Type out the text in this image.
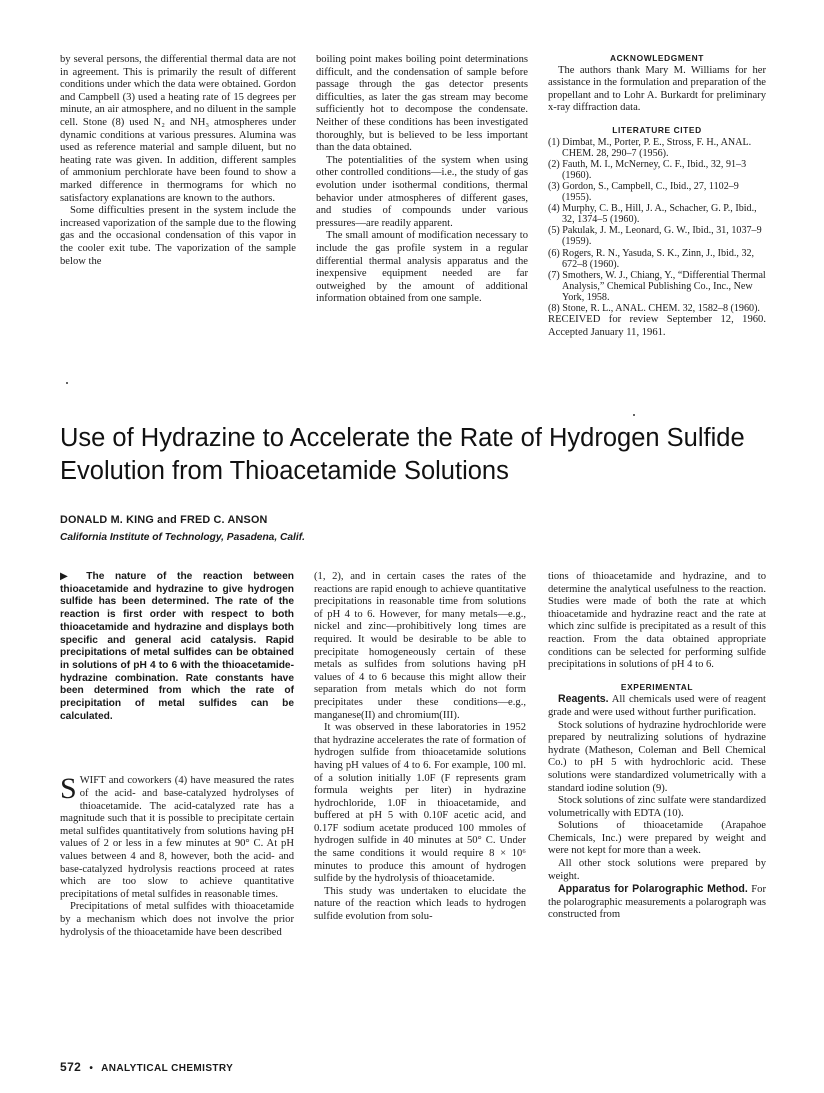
by several persons, the differential thermal data are not in agreement. This is primarily the result of different conditions under which the data were obtained. Gordon and Campbell (3) used a heating rate of 15 degrees per minute, an air atmosphere, and no diluent in the sample cell. Stone (8) used N₂ and NH₃ atmospheres under dynamic conditions at various pressures. Alumina was used as reference material and sample diluent, but no heating rate was given. In addition, different samples of ammonium perchlorate have been found to show a marked difference in thermograms for which no satisfactory explanations are known to the authors.

Some difficulties present in the system include the increased vaporization of the sample due to the flowing gas and the occasional condensation of this vapor in the cooler exit tube. The vaporization of the sample below the

boiling point makes boiling point determinations difficult, and the condensation of sample before passage through the gas detector presents difficulties, as later the gas stream may become sufficiently hot to decompose the condensate. Neither of these conditions has been investigated thoroughly, but is believed to be less important than the data obtained.

The potentialities of the system when using other controlled conditions—i.e., the study of gas evolution under isothermal conditions, thermal behavior under atmospheres of different gases, and studies of compounds under various pressures—are readily apparent.

The small amount of modification necessary to include the gas profile system in a regular differential thermal analysis apparatus and the inexpensive equipment needed are far outweighed by the amount of additional information obtained from one sample.

ACKNOWLEDGMENT

The authors thank Mary M. Williams for her assistance in the formulation and preparation of the propellant and to Lohr A. Burkardt for preliminary x-ray diffraction data.

LITERATURE CITED

(1) Dimbat, M., Porter, P. E., Stross, F. H., ANAL. CHEM. 28, 290–7 (1956).

(2) Fauth, M. I., McNerney, C. F., Ibid., 32, 91–3 (1960).

(3) Gordon, S., Campbell, C., Ibid., 27, 1102–9 (1955).

(4) Murphy, C. B., Hill, J. A., Schacher, G. P., Ibid., 32, 1374–5 (1960).

(5) Pakulak, J. M., Leonard, G. W., Ibid., 31, 1037–9 (1959).

(6) Rogers, R. N., Yasuda, S. K., Zinn, J., Ibid., 32, 672–8 (1960).

(7) Smothers, W. J., Chiang, Y., “Differential Thermal Analysis,” Chemical Publishing Co., Inc., New York, 1958.

(8) Stone, R. L., ANAL. CHEM. 32, 1582–8 (1960).

RECEIVED for review September 12, 1960. Accepted January 11, 1961.

Use of Hydrazine to Accelerate the Rate of Hydrogen Sulfide Evolution from Thioacetamide Solutions

DONALD M. KING and FRED C. ANSON

California Institute of Technology, Pasadena, Calif.

▶ The nature of the reaction between thioacetamide and hydrazine to give hydrogen sulfide has been determined. The rate of the reaction is first order with respect to both thioacetamide and hydrazine and displays both specific and general acid catalysis. Rapid precipitations of metal sulfides can be obtained in solutions of pH 4 to 6 with the thioacetamide-hydrazine combination. Rate constants have been determined from which the rate of precipitation of metal sulfides can be calculated.

SWIFT and coworkers (4) have measured the rates of the acid- and base-catalyzed hydrolyses of thioacetamide. The acid-catalyzed rate has a magnitude such that it is possible to precipitate certain metal sulfides quantitatively from solutions having pH values of 2 or less in a few minutes at 90° C. At pH values between 4 and 8, however, both the acid- and base-catalyzed hydrolysis reactions proceed at rates which are too slow to achieve quantitative precipitations of metal sulfides in reasonable times.

Precipitations of metal sulfides with thioacetamide by a mechanism which does not involve the prior hydrolysis of the thioacetamide have been described

(1, 2), and in certain cases the rates of the reactions are rapid enough to achieve quantitative precipitations in reasonable time from solutions of pH 4 to 6. However, for many metals—e.g., nickel and zinc—prohibitively long times are required. It would be desirable to be able to precipitate homogeneously certain of these metals as sulfides from solutions having pH values of 4 to 6 because this might allow their separation from metals which do not form precipitates under these conditions—e.g., manganese(II) and chromium(III).

It was observed in these laboratories in 1952 that hydrazine accelerates the rate of formation of hydrogen sulfide from thioacetamide solutions having pH values of 4 to 6. For example, 100 ml. of a solution initially 1.0F (F represents gram formula weights per liter) in hydrazine hydrochloride, 1.0F in thioacetamide, and buffered at pH 5 with 0.10F acetic acid, and 0.17F sodium acetate produced 100 mmoles of hydrogen sulfide in 40 minutes at 50° C. Under the same conditions it would require 8 × 10⁶ minutes to produce this amount of hydrogen sulfide by the hydrolysis of thioacetamide.

This study was undertaken to elucidate the nature of the reaction which leads to hydrogen sulfide evolution from solu-

tions of thioacetamide and hydrazine, and to determine the analytical usefulness to the reaction. Studies were made of both the rate at which thioacetamide and hydrazine react and the rate at which zinc sulfide is precipitated as a result of this reaction. From the data obtained appropriate conditions can be selected for performing sulfide precipitations in solutions of pH 4 to 6.

EXPERIMENTAL

Reagents. All chemicals used were of reagent grade and were used without further purification.

Stock solutions of hydrazine hydrochloride were prepared by neutralizing solutions of hydrazine hydrate (Matheson, Coleman and Bell Chemical Co.) to pH 5 with hydrochloric acid. These solutions were standardized volumetrically with a standard iodine solution (9).

Stock solutions of zinc sulfate were standardized volumetrically with EDTA (10).

Solutions of thioacetamide (Arapahoe Chemicals, Inc.) were prepared by weight and were not kept for more than a week.

All other stock solutions were prepared by weight.

Apparatus for Polarographic Method. For the polarographic measurements a polarograph was constructed from

572 • ANALYTICAL CHEMISTRY
